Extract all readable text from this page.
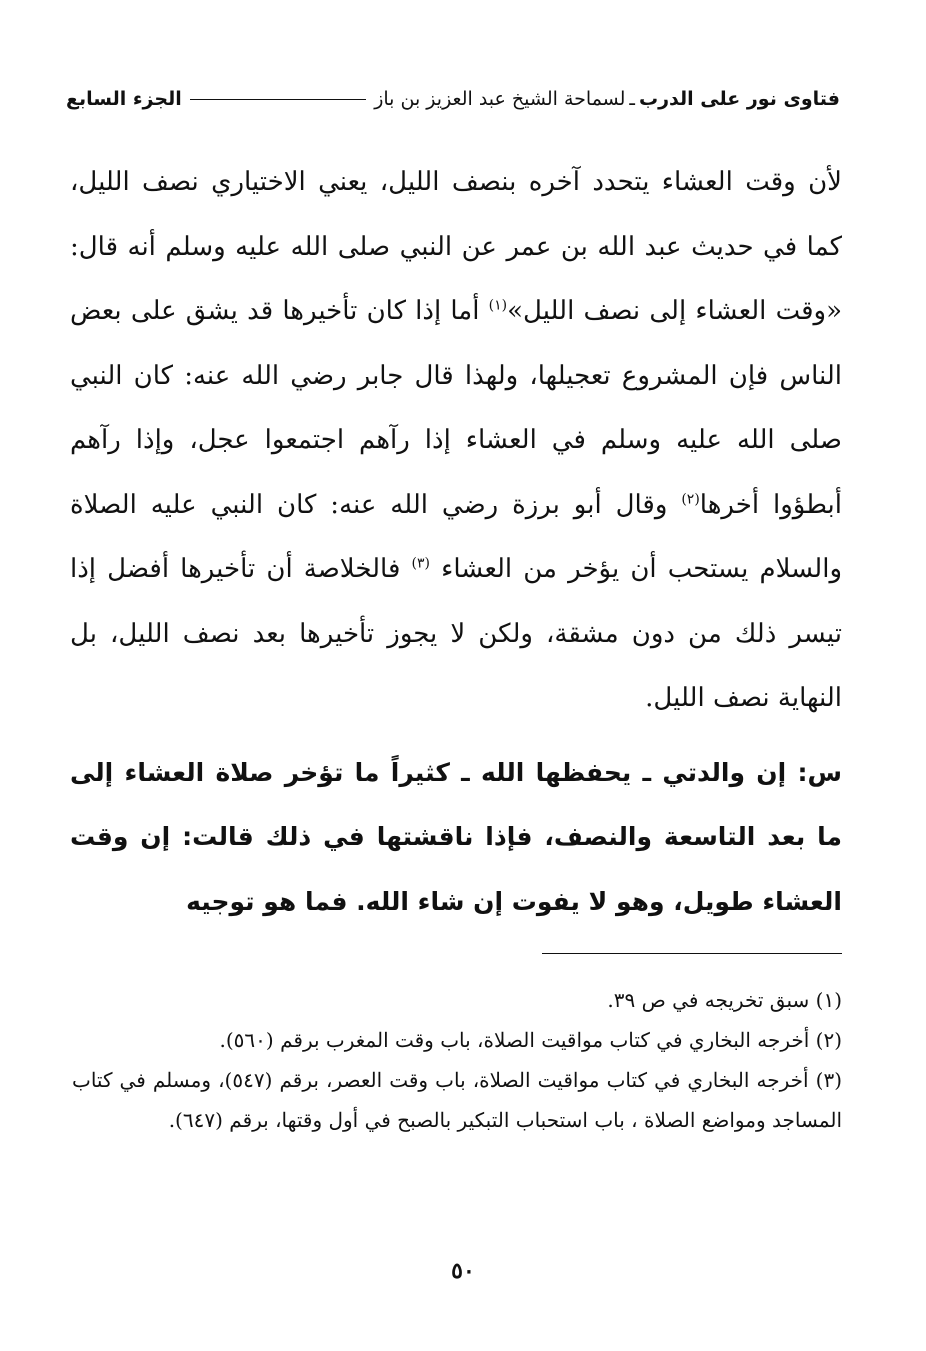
فتاوى نور على الدرب
ـ
لسماحة الشيخ عبد العزيز بن باز
الجزء السابع

لأن وقت العشاء يتحدد آخره بنصف الليل، يعني الاختياري نصف الليل، كما في حديث عبد الله بن عمر عن النبي صلى الله عليه وسلم أنه قال: «وقت العشاء إلى نصف الليل»$^{(١)}$ أما إذا كان تأخيرها قد يشق على بعض الناس فإن المشروع تعجيلها، ولهذا قال جابر رضي الله عنه: كان النبي صلى الله عليه وسلم في العشاء إذا رآهم اجتمعوا عجل، وإذا رآهم أبطؤوا أخرها$^{(٢)}$ وقال أبو برزة رضي الله عنه: كان النبي عليه الصلاة والسلام يستحب أن يؤخر من العشاء $^{(٣)}$ فالخلاصة أن تأخيرها أفضل إذا تيسر ذلك من دون مشقة، ولكن لا يجوز تأخيرها بعد نصف الليل، بل النهاية نصف الليل.

س: إن والدتي ـ يحفظها الله ـ كثيراً ما تؤخر صلاة العشاء إلى ما بعد التاسعة والنصف، فإذا ناقشتها في ذلك قالت: إن وقت العشاء طويل، وهو لا يفوت إن شاء الله. فما هو توجيه

(١) سبق تخريجه في ص ٣٩.

(٢) أخرجه البخاري في كتاب مواقيت الصلاة، باب وقت المغرب برقم (٥٦٠).

(٣) أخرجه البخاري في كتاب مواقيت الصلاة، باب وقت العصر، برقم (٥٤٧)، ومسلم في كتاب المساجد ومواضع الصلاة ، باب استحباب التبكير بالصبح في أول وقتها، برقم (٦٤٧).

٥٠
